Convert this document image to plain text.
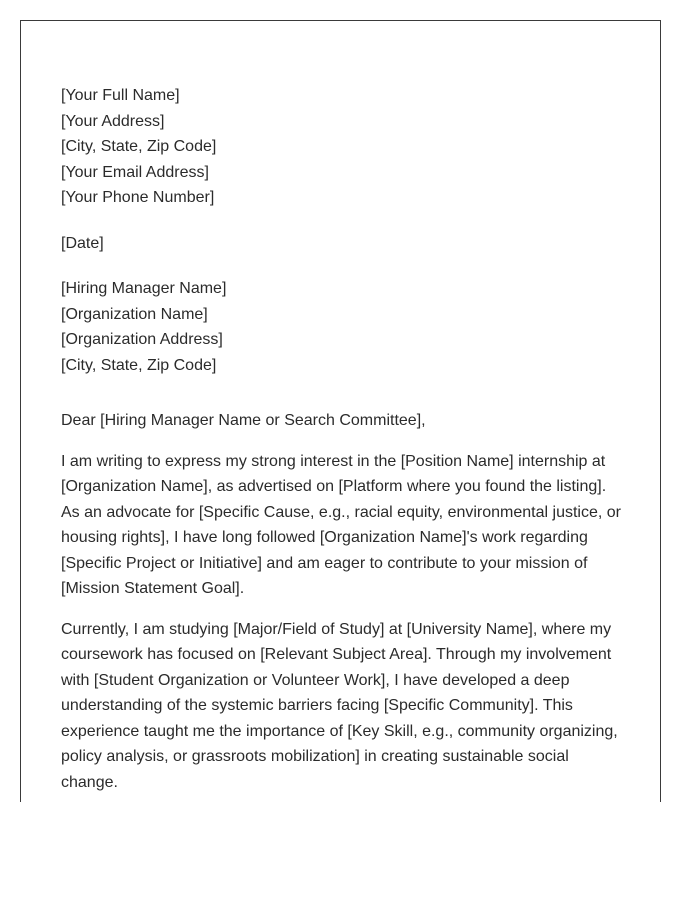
[Your Full Name]
[Your Address]
[City, State, Zip Code]
[Your Email Address]
[Your Phone Number]
[Date]
[Hiring Manager Name]
[Organization Name]
[Organization Address]
[City, State, Zip Code]
Dear [Hiring Manager Name or Search Committee],
I am writing to express my strong interest in the [Position Name] internship at
[Organization Name], as advertised on [Platform where you found the listing].
As an advocate for [Specific Cause, e.g., racial equity, environmental justice, or
housing rights], I have long followed [Organization Name]'s work regarding
[Specific Project or Initiative] and am eager to contribute to your mission of
[Mission Statement Goal].
Currently, I am studying [Major/Field of Study] at [University Name], where my
coursework has focused on [Relevant Subject Area]. Through my involvement
with [Student Organization or Volunteer Work], I have developed a deep
understanding of the systemic barriers facing [Specific Community]. This
experience taught me the importance of [Key Skill, e.g., community organizing,
policy analysis, or grassroots mobilization] in creating sustainable social
change.
